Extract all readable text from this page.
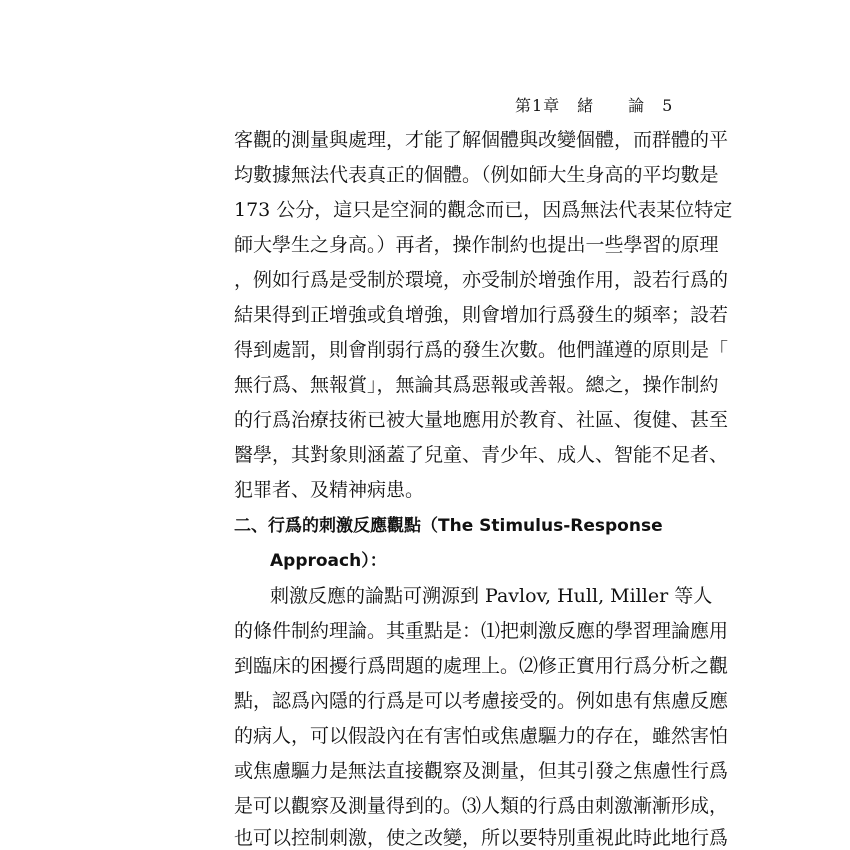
第1章　緒　　論　5
客觀的測量與處理，才能了解個體與改變個體，而群體的平
均數據無法代表真正的個體。（例如師大生身高的平均數是
173 公分，這只是空洞的觀念而已，因爲無法代表某位特定
師大學生之身高。）再者，操作制約也提出一些學習的原理
，例如行爲是受制於環境，亦受制於增強作用，設若行爲的
結果得到正增強或負增強，則會增加行爲發生的頻率；設若
得到處罰，則會削弱行爲的發生次數。他們謹遵的原則是「
無行爲、無報賞」，無論其爲惡報或善報。總之，操作制約
的行爲治療技術已被大量地應用於教育、社區、復健、甚至
醫學，其對象則涵蓋了兒童、青少年、成人、智能不足者、
犯罪者、及精神病患。
二、行爲的刺激反應觀點（The Stimulus-Response
Approach）：
刺激反應的論點可溯源到 Pavlov, Hull, Miller 等人
的條件制約理論。其重點是：⑴把刺激反應的學習理論應用
到臨床的困擾行爲問題的處理上。⑵修正實用行爲分析之觀
點，認爲內隱的行爲是可以考慮接受的。例如患有焦慮反應
的病人，可以假設內在有害怕或焦慮驅力的存在，雖然害怕
或焦慮驅力是無法直接觀察及測量，但其引發之焦慮性行爲
是可以觀察及測量得到的。⑶人類的行爲由刺激漸漸形成，
也可以控制刺激，使之改變，所以要特別重視此時此地行爲
